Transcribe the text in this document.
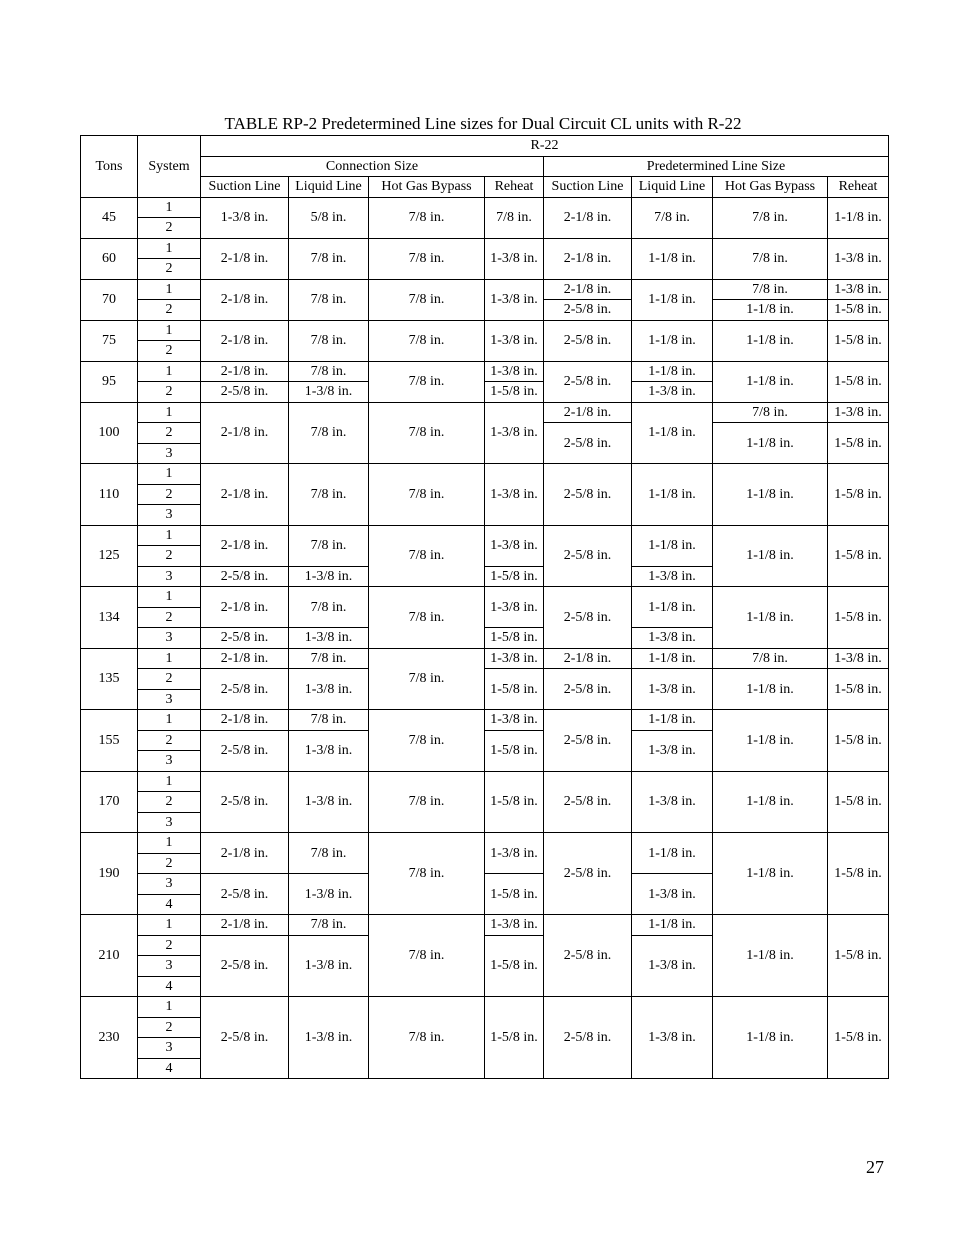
TABLE RP-2 Predetermined Line sizes for Dual Circuit CL units with R-22
Tons	System	R-22							
		Connection Size				Predetermined Line Size			
		Suction Line	Liquid Line	Hot Gas Bypass	Reheat	Suction Line	Liquid Line	Hot Gas Bypass	Reheat
45	1	1-3/8 in.	5/8 in.	7/8 in.	7/8 in.	2-1/8 in.	7/8 in.	7/8 in.	1-1/8 in.
	2								
60	1	2-1/8 in.	7/8 in.	7/8 in.	1-3/8 in.	2-1/8 in.	1-1/8 in.	7/8 in.	1-3/8 in.
	2								
70	1	2-1/8 in.	7/8 in.	7/8 in.	1-3/8 in.	2-1/8 in.	1-1/8 in.	7/8 in.	1-3/8 in.
	2					2-5/8 in.		1-1/8 in.	1-5/8 in.
75	1	2-1/8 in.	7/8 in.	7/8 in.	1-3/8 in.	2-5/8 in.	1-1/8 in.	1-1/8 in.	1-5/8 in.
	2								
95	1	2-1/8 in.	7/8 in.	7/8 in.	1-3/8 in.	2-5/8 in.	1-1/8 in.	1-1/8 in.	1-5/8 in.
	2	2-5/8 in.	1-3/8 in.		1-5/8 in.		1-3/8 in.		
100	1	2-1/8 in.	7/8 in.	7/8 in.	1-3/8 in.	2-1/8 in.	1-1/8 in.	7/8 in.	1-3/8 in.
	2					2-5/8 in.		1-1/8 in.	1-5/8 in.
	3								
110	1	2-1/8 in.	7/8 in.	7/8 in.	1-3/8 in.	2-5/8 in.	1-1/8 in.	1-1/8 in.	1-5/8 in.
	2								
	3								
125	1	2-1/8 in.	7/8 in.	7/8 in.	1-3/8 in.	2-5/8 in.	1-1/8 in.	1-1/8 in.	1-5/8 in.
	2								
	3	2-5/8 in.	1-3/8 in.		1-5/8 in.		1-3/8 in.		
134	1	2-1/8 in.	7/8 in.	7/8 in.	1-3/8 in.	2-5/8 in.	1-1/8 in.	1-1/8 in.	1-5/8 in.
	2								
	3	2-5/8 in.	1-3/8 in.		1-5/8 in.		1-3/8 in.		
135	1	2-1/8 in.	7/8 in.	7/8 in.	1-3/8 in.	2-1/8 in.	1-1/8 in.	7/8 in.	1-3/8 in.
	2	2-5/8 in.	1-3/8 in.		1-5/8 in.	2-5/8 in.	1-3/8 in.	1-1/8 in.	1-5/8 in.
	3								
155	1	2-1/8 in.	7/8 in.	7/8 in.	1-3/8 in.	2-5/8 in.	1-1/8 in.	1-1/8 in.	1-5/8 in.
	2	2-5/8 in.	1-3/8 in.		1-5/8 in.		1-3/8 in.		
	3								
170	1	2-5/8 in.	1-3/8 in.	7/8 in.	1-5/8 in.	2-5/8 in.	1-3/8 in.	1-1/8 in.	1-5/8 in.
	2								
	3								
190	1	2-1/8 in.	7/8 in.	7/8 in.	1-3/8 in.	2-5/8 in.	1-1/8 in.	1-1/8 in.	1-5/8 in.
	2								
	3	2-5/8 in.	1-3/8 in.		1-5/8 in.		1-3/8 in.		
	4								
210	1	2-1/8 in.	7/8 in.	7/8 in.	1-3/8 in.	2-5/8 in.	1-1/8 in.	1-1/8 in.	1-5/8 in.
	2	2-5/8 in.	1-3/8 in.		1-5/8 in.		1-3/8 in.		
	3								
	4								
230	1	2-5/8 in.	1-3/8 in.	7/8 in.	1-5/8 in.	2-5/8 in.	1-3/8 in.	1-1/8 in.	1-5/8 in.
	2								
	3								
	4								
27
